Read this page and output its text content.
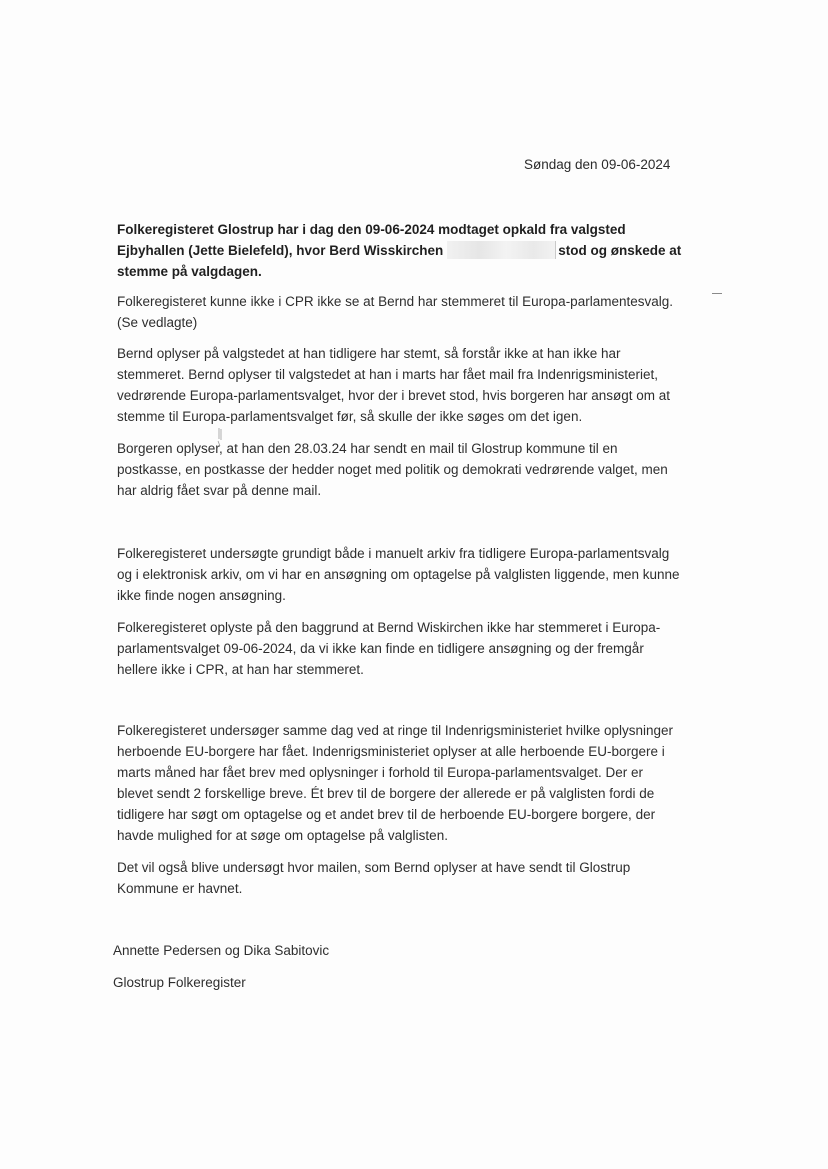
Søndag den 09-06-2024
Folkeregisteret Glostrup har i dag den 09-06-2024 modtaget opkald fra valgsted
Ejbyhallen (Jette Bielefeld), hvor Berd Wisskirchen	stod og ønskede at
stemme på valgdagen.
Folkeregisteret kunne ikke i CPR ikke se at Bernd har stemmeret til Europa-parlamentesvalg.
(Se vedlagte)
Bernd oplyser på valgstedet at han tidligere har stemt, så forstår ikke at han ikke har
stemmeret. Bernd oplyser til valgstedet at han i marts har fået mail fra Indenrigsministeriet,
vedrørende Europa-parlamentsvalget, hvor der i brevet stod, hvis borgeren har ansøgt om at
stemme til Europa-parlamentsvalget før, så skulle der ikke søges om det igen.
Borgeren oplyser, at han den 28.03.24 har sendt en mail til Glostrup kommune til en
postkasse, en postkasse der hedder noget med politik og demokrati vedrørende valget, men
har aldrig fået svar på denne mail.
Folkeregisteret undersøgte grundigt både i manuelt arkiv fra tidligere Europa-parlamentsvalg
og i elektronisk arkiv, om vi har en ansøgning om optagelse på valglisten liggende, men kunne
ikke finde nogen ansøgning.
Folkeregisteret oplyste på den baggrund at Bernd Wiskirchen ikke har stemmeret i Europa-
parlamentsvalget 09-06-2024, da vi ikke kan finde en tidligere ansøgning og der fremgår
hellere ikke i CPR, at han har stemmeret.
Folkeregisteret undersøger samme dag ved at ringe til Indenrigsministeriet hvilke oplysninger
herboende EU-borgere har fået. Indenrigsministeriet oplyser at alle herboende EU-borgere i
marts måned har fået brev med oplysninger i forhold til Europa-parlamentsvalget. Der er
blevet sendt 2 forskellige breve. Ét brev til de borgere der allerede er på valglisten fordi de
tidligere har søgt om optagelse og et andet brev til de herboende EU-borgere borgere, der
havde mulighed for at søge om optagelse på valglisten.
Det vil også blive undersøgt hvor mailen, som Bernd oplyser at have sendt til Glostrup
Kommune er havnet.
Annette Pedersen og Dika Sabitovic
Glostrup Folkeregister
